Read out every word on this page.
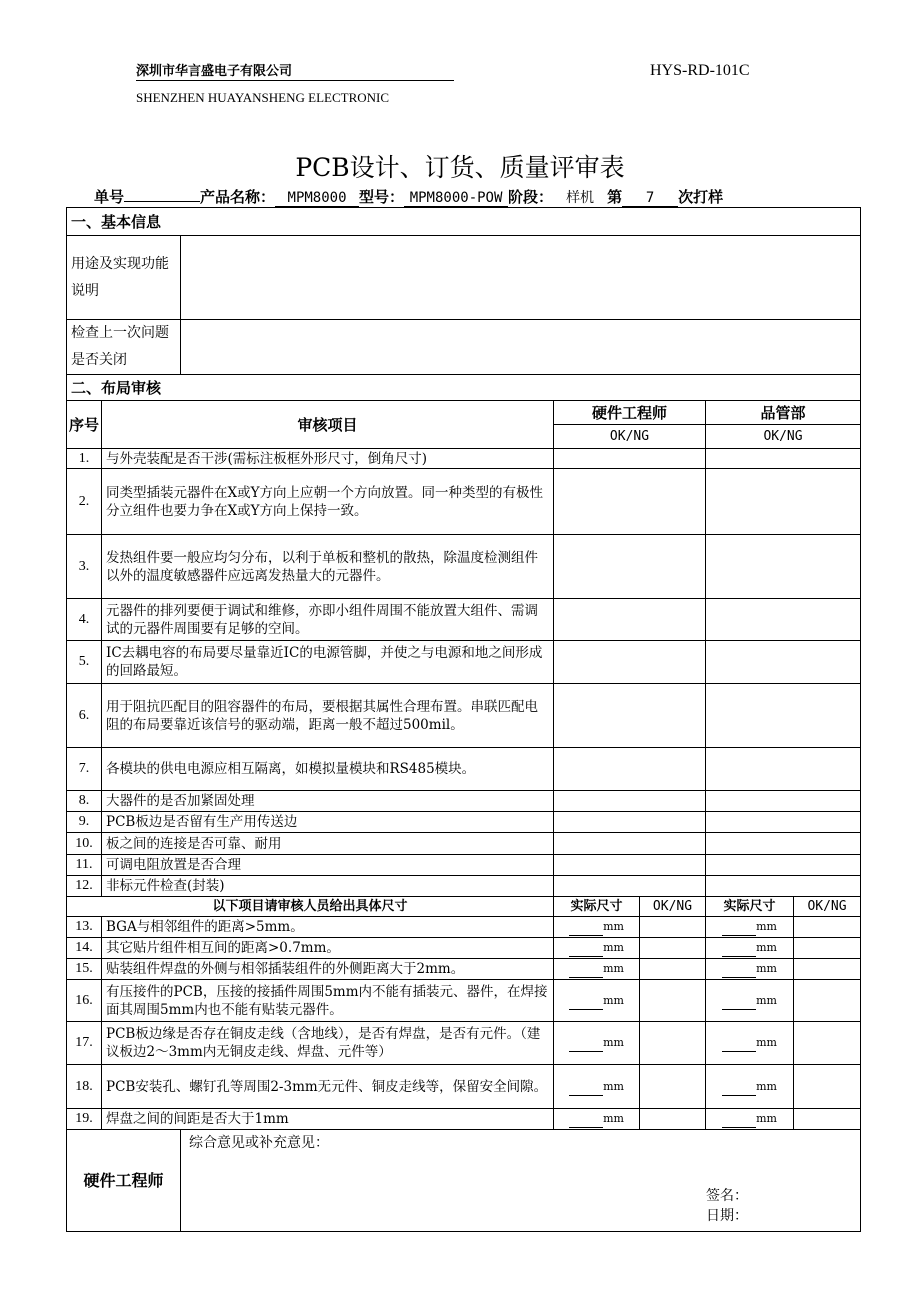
深圳市华言盛电子有限公司
SHENZHEN HUAYANSHENG ELECTRONIC
HYS-RD-101C
PCB设计、订货、质量评审表
单号	产品名称： MPM8000 型号： MPM8000-POW 阶段： 样机 第 7 次打样
一、基本信息						
用途及实现功能说明						
检查上一次问题是否关闭						
二、布局审核						
序号	审核项目		硬件工程师		品管部	
			OK/NG		OK/NG	
1.	与外壳装配是否干涉(需标注板框外形尺寸，倒角尺寸)					
2.	同类型插装元器件在X或Y方向上应朝一个方向放置。同一种类型的有极性分立组件也要力争在X或Y方向上保持一致。					
3.	发热组件要一般应均匀分布，以利于单板和整机的散热，除温度检测组件以外的温度敏感器件应远离发热量大的元器件。					
4.	元器件的排列要便于调试和维修，亦即小组件周围不能放置大组件、需调试的元器件周围要有足够的空间。					
5.	IC去耦电容的布局要尽量靠近IC的电源管脚，并使之与电源和地之间形成的回路最短。					
6.	用于阻抗匹配目的阻容器件的布局，要根据其属性合理布置。串联匹配电阻的布局要靠近该信号的驱动端，距离一般不超过500mil。					
7.	各模块的供电电源应相互隔离，如模拟量模块和RS485模块。					
8.	大器件的是否加紧固处理					
9.	PCB板边是否留有生产用传送边					
10.	板之间的连接是否可靠、耐用					
11.	可调电阻放置是否合理					
12.	非标元件检查(封装)					
以下项目请审核人员给出具体尺寸			实际尺寸	OK/NG	实际尺寸	OK/NG
13.	BGA与相邻组件的距离>5mm。		mm		mm	
14.	其它贴片组件相互间的距离>0.7mm。		mm		mm	
15.	贴装组件焊盘的外侧与相邻插装组件的外侧距离大于2mm。		mm		mm	
16.	有压接件的PCB，压接的接插件周围5mm内不能有插装元、器件，在焊接面其周围5mm内也不能有贴装元器件。		mm		mm	
17.	PCB板边缘是否存在铜皮走线（含地线），是否有焊盘，是否有元件。（建议板边2～3mm内无铜皮走线、焊盘、元件等）		mm		mm	
18.	PCB安装孔、螺钉孔等周围2-3mm无元件、铜皮走线等，保留安全间隙。		mm		mm	
19.	焊盘之间的间距是否大于1mm		mm		mm	
硬件工程师		综合意见或补充意见：
签名：
日期：				
